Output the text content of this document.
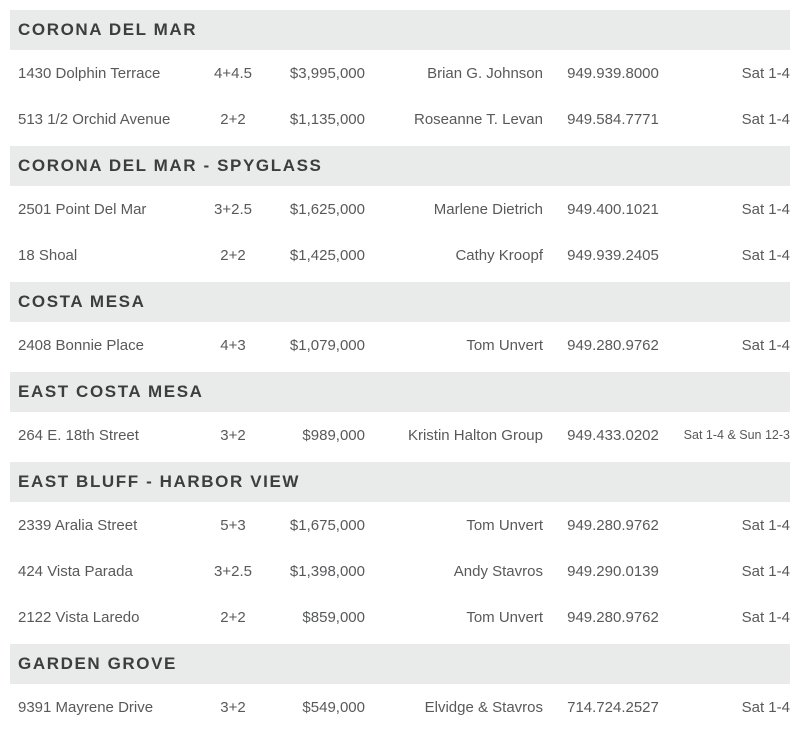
CORONA DEL MAR
1430 Dolphin Terrace	4+4.5	$3,995,000	Brian G. Johnson	949.939.8000	Sat 1-4
513 1/2 Orchid Avenue	2+2	$1,135,000	Roseanne T. Levan	949.584.7771	Sat 1-4
CORONA DEL MAR - SPYGLASS
2501 Point Del Mar	3+2.5	$1,625,000	Marlene Dietrich	949.400.1021	Sat 1-4
18 Shoal	2+2	$1,425,000	Cathy Kroopf	949.939.2405	Sat 1-4
COSTA MESA
2408 Bonnie Place	4+3	$1,079,000	Tom Unvert	949.280.9762	Sat 1-4
EAST COSTA MESA
264 E. 18th Street	3+2	$989,000	Kristin Halton Group	949.433.0202	Sat 1-4 & Sun 12-3
EAST BLUFF - HARBOR VIEW
2339 Aralia Street	5+3	$1,675,000	Tom Unvert	949.280.9762	Sat 1-4
424 Vista Parada	3+2.5	$1,398,000	Andy Stavros	949.290.0139	Sat 1-4
2122 Vista Laredo	2+2	$859,000	Tom Unvert	949.280.9762	Sat 1-4
GARDEN GROVE
9391 Mayrene Drive	3+2	$549,000	Elvidge & Stavros	714.724.2527	Sat 1-4
